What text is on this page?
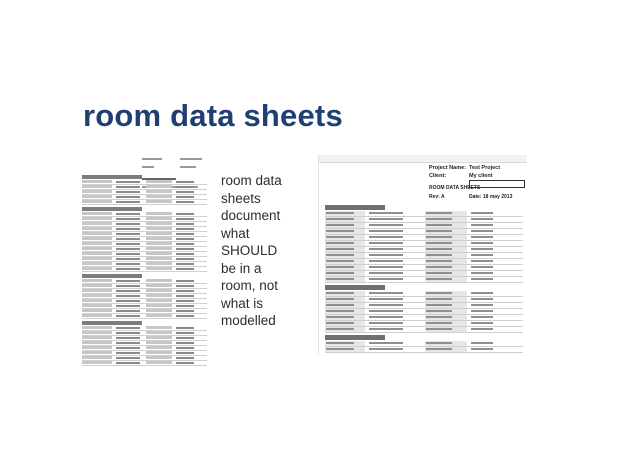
room data sheets

room data
sheets
document
what
SHOULD
be in a
room, not
what is
modelled
Project Name: Test Project
Client:	My client
ROOM DATA SHEETS
Rev: A	Date: 18 may 2013
